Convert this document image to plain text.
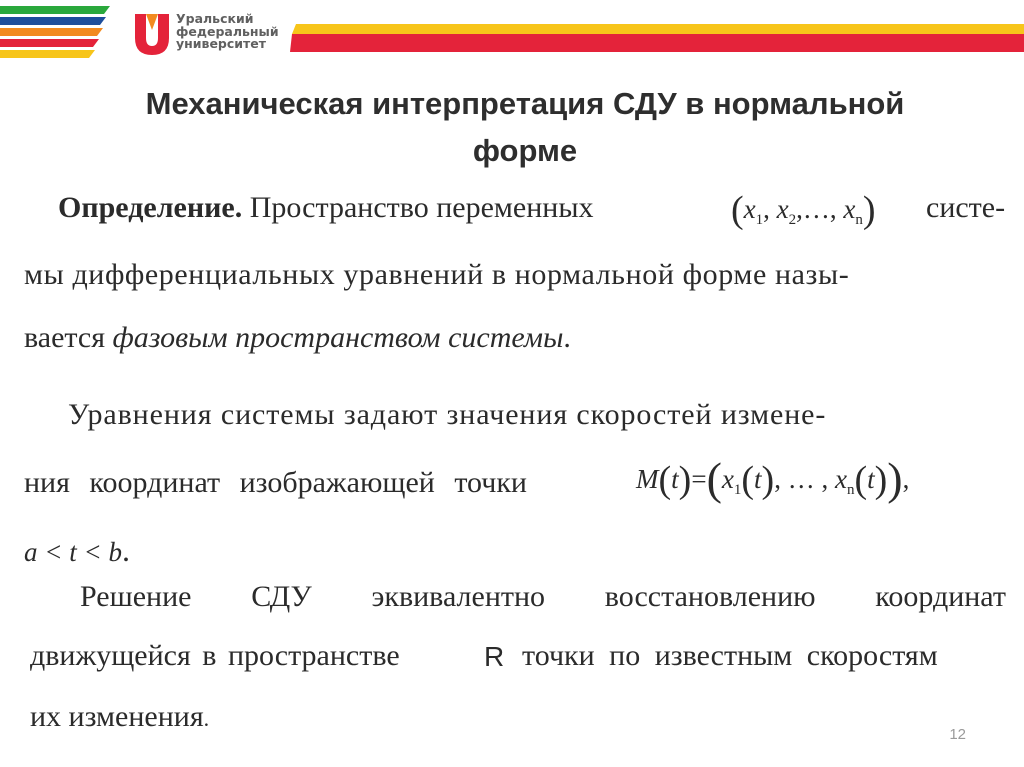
Уральский
федеральный
университет
Механическая интерпретация СДУ в нормальной
форме
Определение. Пространство переменных	($x_1$, $x_2,\dots$, $x_n$) систе-
мы дифференциальных уравнений в нормальной форме назы-
вается фазовым пространством системы.
Уравнения системы задают значения скоростей измене-
ния координат изображающей точки	$M(t)=(x_1(t)$, … , $x_n(t)$),
a < t < b.
Решение СДУ эквивалентно восстановлению координат
движущейся в пространстве	R точки по известным скоростям
их изменения.
12
